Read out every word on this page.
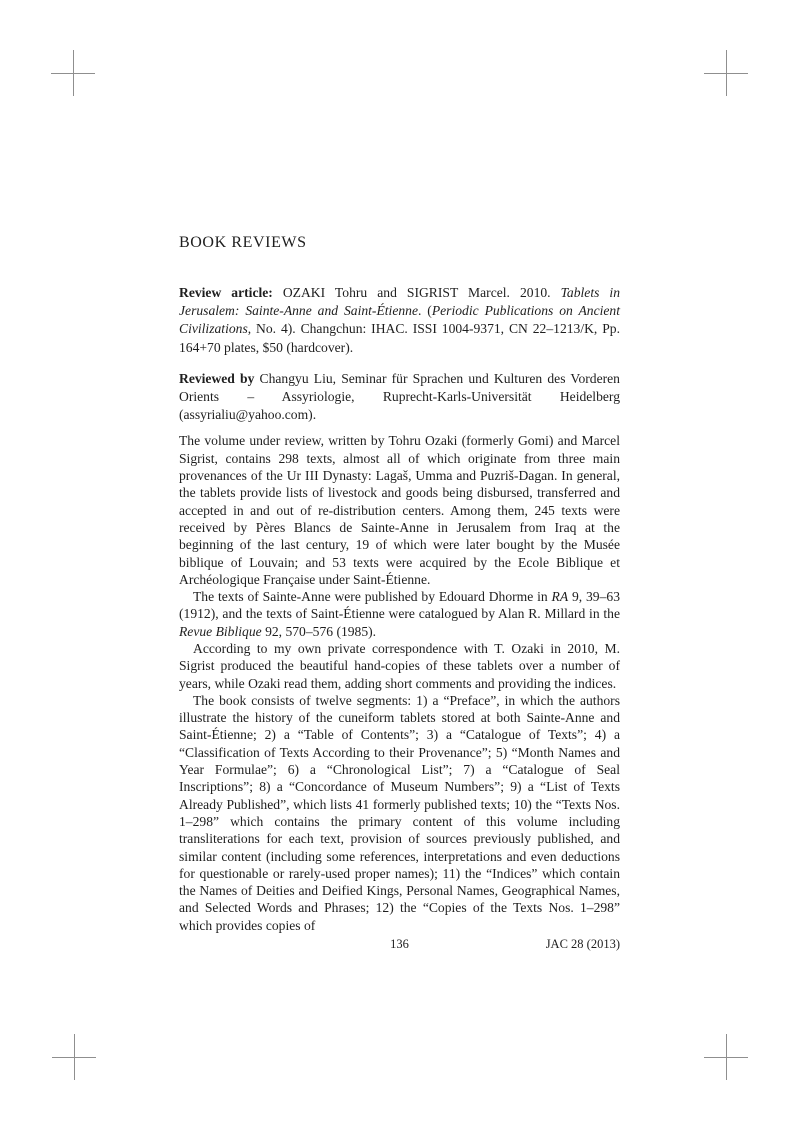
BOOK REVIEWS

Review article: OZAKI Tohru and SIGRIST Marcel. 2010. Tablets in Jerusalem: Sainte-Anne and Saint-Étienne. (Periodic Publications on Ancient Civilizations, No. 4). Changchun: IHAC. ISSI 1004-9371, CN 22–1213/K, Pp. 164+70 plates, $50 (hardcover).

Reviewed by Changyu Liu, Seminar für Sprachen und Kulturen des Vorderen Orients – Assyriologie, Ruprecht-Karls-Universität Heidelberg (assyrialiu@yahoo.com).

The volume under review, written by Tohru Ozaki (formerly Gomi) and Marcel Sigrist, contains 298 texts, almost all of which originate from three main provenances of the Ur III Dynasty: Lagaš, Umma and Puzriš-Dagan. In general, the tablets provide lists of livestock and goods being disbursed, transferred and accepted in and out of re-distribution centers. Among them, 245 texts were received by Pères Blancs de Sainte-Anne in Jerusalem from Iraq at the beginning of the last century, 19 of which were later bought by the Musée biblique of Louvain; and 53 texts were acquired by the Ecole Biblique et Archéologique Française under Saint-Étienne.

The texts of Sainte-Anne were published by Edouard Dhorme in RA 9, 39–63 (1912), and the texts of Saint-Étienne were catalogued by Alan R. Millard in the Revue Biblique 92, 570–576 (1985).

According to my own private correspondence with T. Ozaki in 2010, M. Sigrist produced the beautiful hand-copies of these tablets over a number of years, while Ozaki read them, adding short comments and providing the indices.

The book consists of twelve segments: 1) a “Preface”, in which the authors illustrate the history of the cuneiform tablets stored at both Sainte-Anne and Saint-Étienne; 2) a “Table of Contents”; 3) a “Catalogue of Texts”; 4) a “Classification of Texts According to their Provenance”; 5) “Month Names and Year Formulae”; 6) a “Chronological List”; 7) a “Catalogue of Seal Inscriptions”; 8) a “Concordance of Museum Numbers”; 9) a “List of Texts Already Published”, which lists 41 formerly published texts; 10) the “Texts Nos. 1–298” which contains the primary content of this volume including transliterations for each text, provision of sources previously published, and similar content (including some references, interpretations and even deductions for questionable or rarely-used proper names); 11) the “Indices” which contain the Names of Deities and Deified Kings, Personal Names, Geographical Names, and Selected Words and Phrases; 12) the “Copies of the Texts Nos. 1–298” which provides copies of

136	JAC 28 (2013)
